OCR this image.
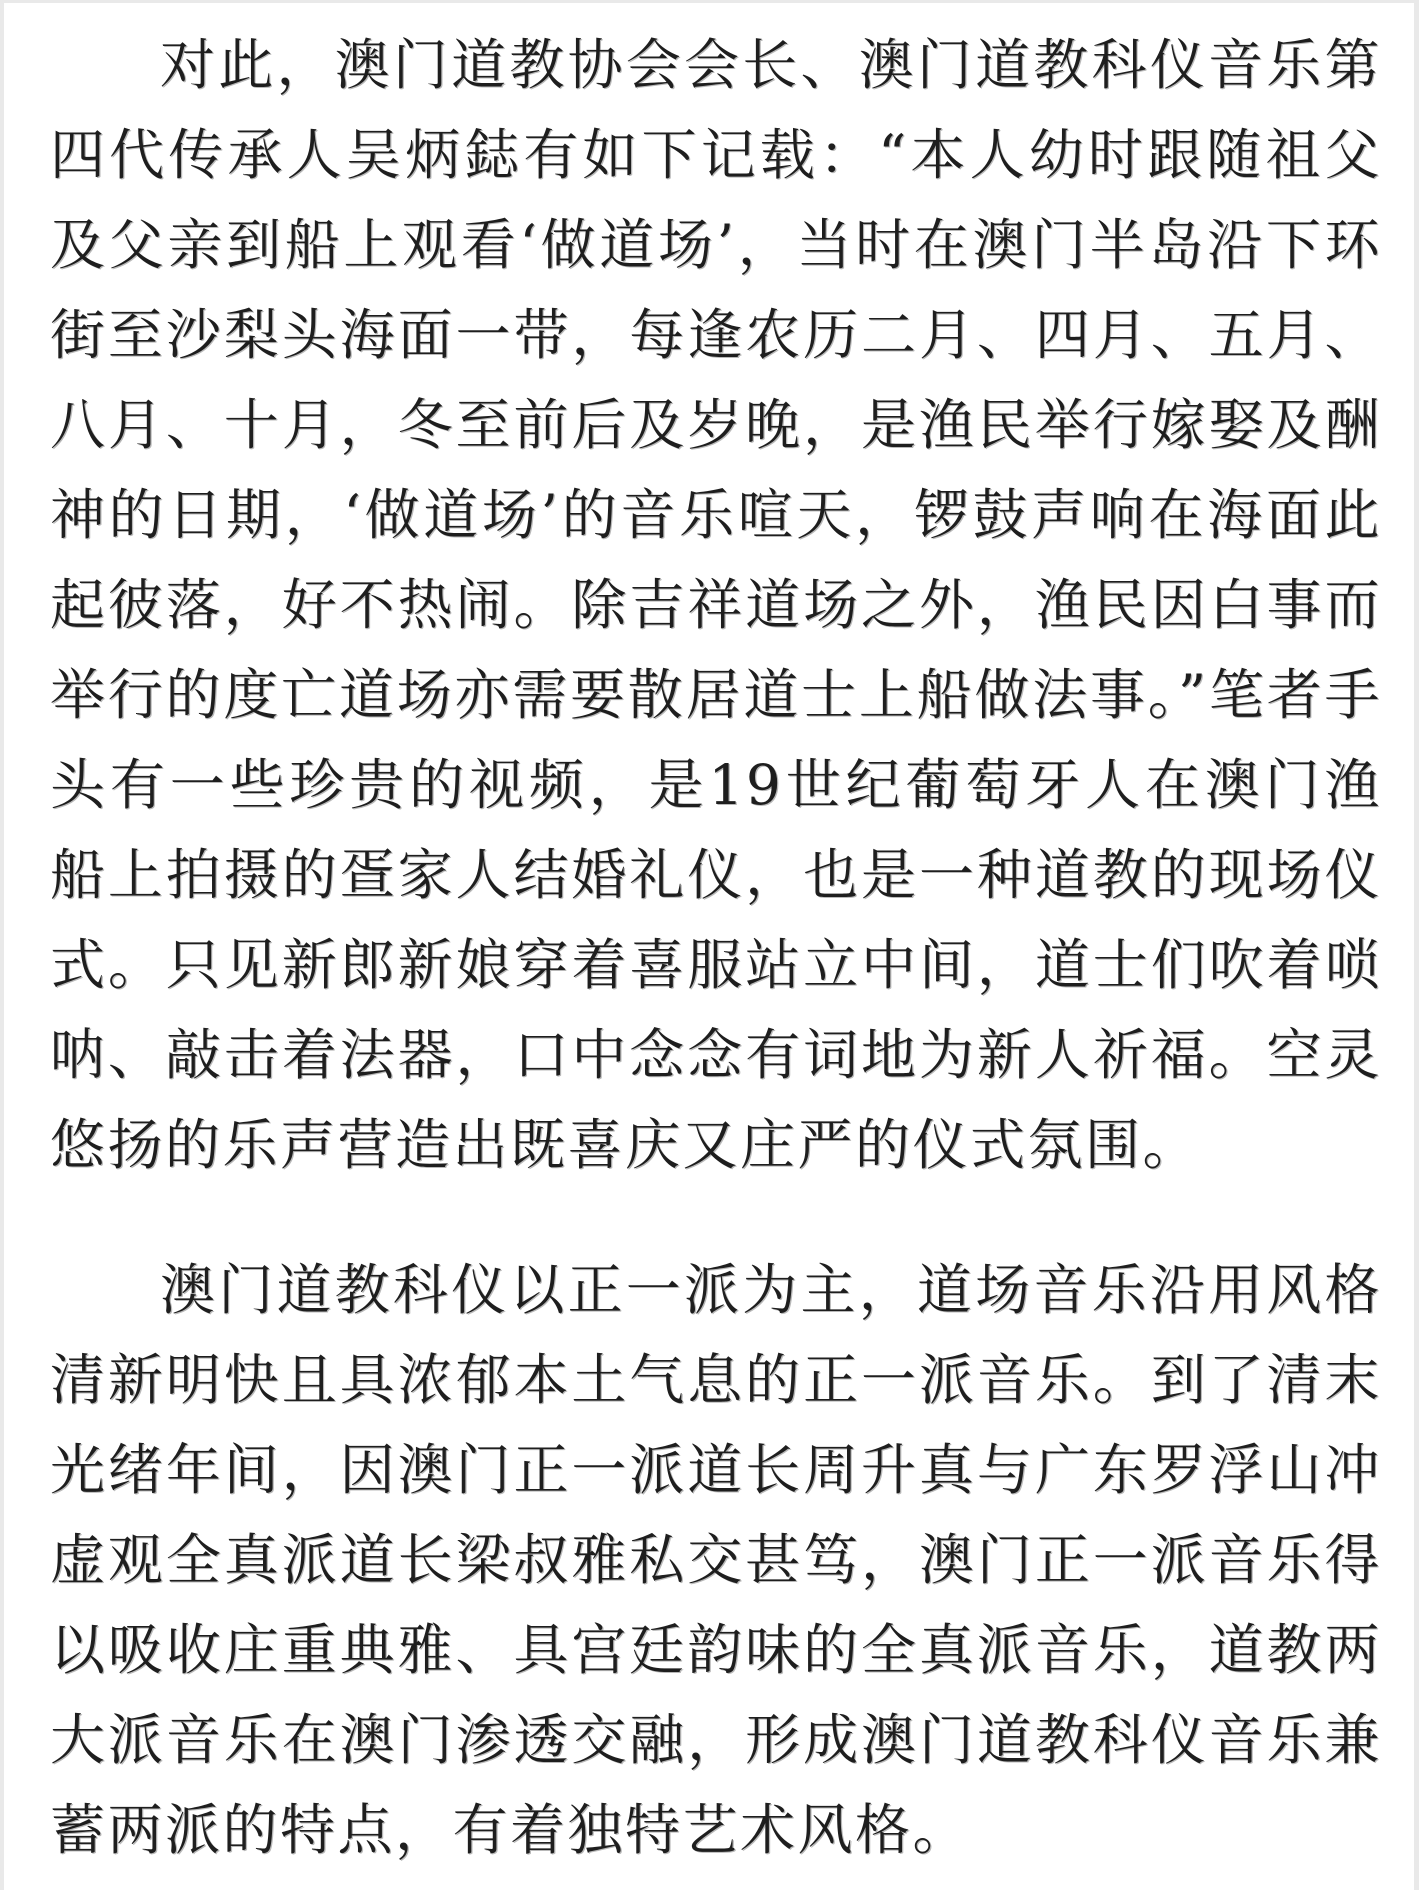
对此，澳门道教协会会长、澳门道教科仪音乐第四代传承人吴炳鋕有如下记载：“本人幼时跟随祖父及父亲到船上观看‘做道场’，当时在澳门半岛沿下环街至沙梨头海面一带，每逢农历二月、四月、五月、八月、十月，冬至前后及岁晚，是渔民举行嫁娶及酬神的日期，‘做道场’的音乐喧天，锣鼓声响在海面此起彼落，好不热闹。除吉祥道场之外，渔民因白事而举行的度亡道场亦需要散居道士上船做法事。”笔者手头有一些珍贵的视频，是19世纪葡萄牙人在澳门渔船上拍摄的疍家人结婚礼仪，也是一种道教的现场仪式。只见新郎新娘穿着喜服站立中间，道士们吹着唢呐、敲击着法器，口中念念有词地为新人祈福。空灵悠扬的乐声营造出既喜庆又庄严的仪式氛围。

澳门道教科仪以正一派为主，道场音乐沿用风格清新明快且具浓郁本土气息的正一派音乐。到了清末光绪年间，因澳门正一派道长周升真与广东罗浮山冲虚观全真派道长梁叔雅私交甚笃，澳门正一派音乐得以吸收庄重典雅、具宫廷韵味的全真派音乐，道教两大派音乐在澳门渗透交融，形成澳门道教科仪音乐兼蓄两派的特点，有着独特艺术风格。
